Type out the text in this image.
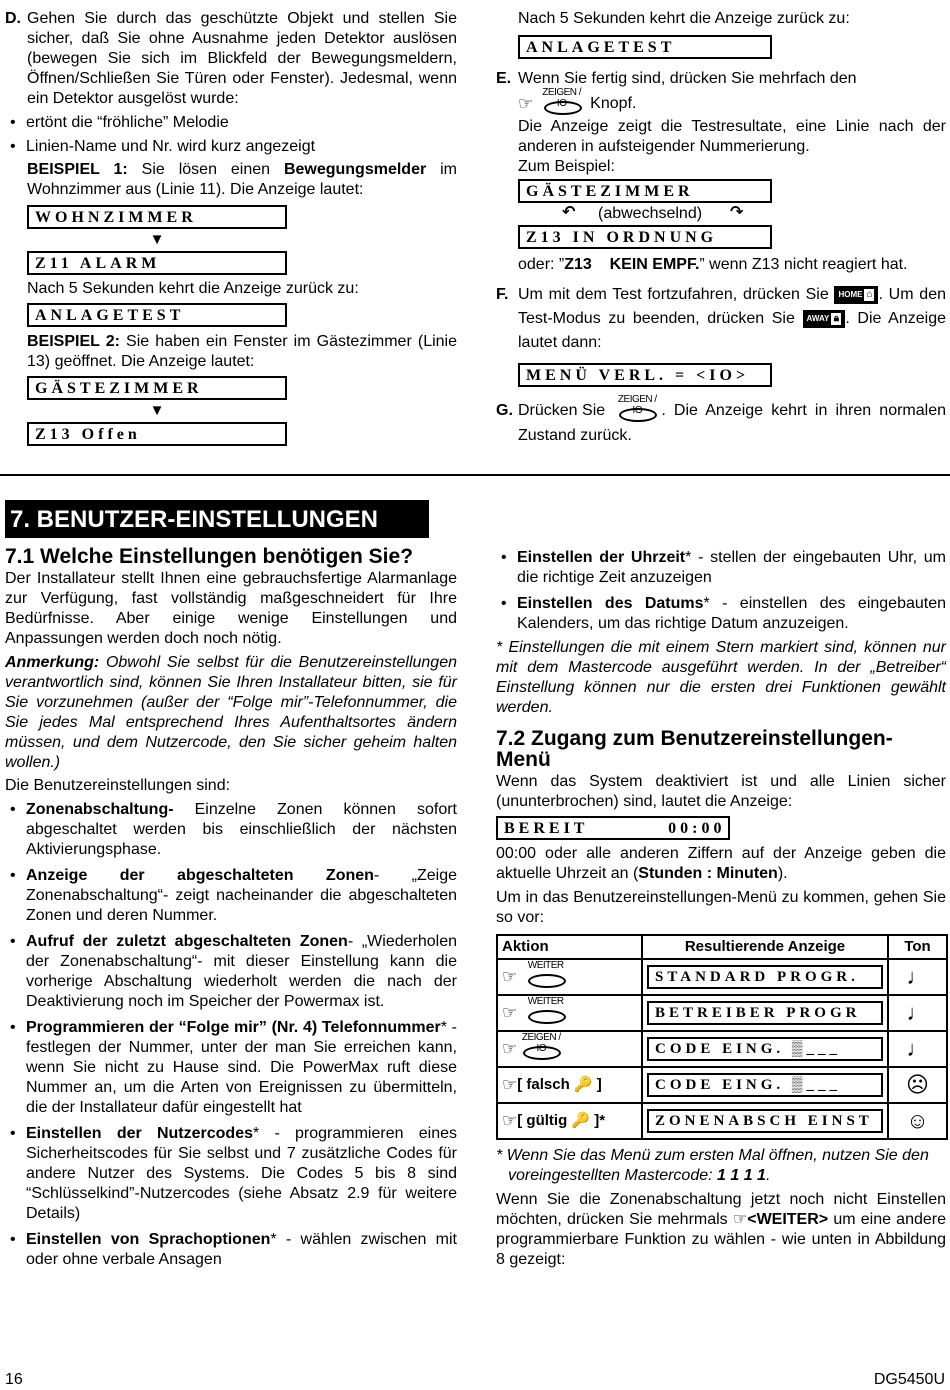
D. Gehen Sie durch das geschützte Objekt und stellen Sie sicher, daß Sie ohne Ausnahme jeden Detektor auslösen (bewegen Sie sich im Blickfeld der Bewegungsmeldern, Öffnen/Schließen Sie Türen oder Fenster). Jedesmal, wenn ein Detektor ausgelöst wurde:
• ertönt die “fröhliche” Melodie
• Linien-Name und Nr. wird kurz angezeigt

BEISPIEL 1: Sie lösen einen Bewegungsmelder im Wohnzimmer aus (Linie 11). Die Anzeige lautet:

WOHNZIMMER
▼
Z11 ALARM

Nach 5 Sekunden kehrt die Anzeige zurück zu:

ANLAGETEST

BEISPIEL 2: Sie haben ein Fenster im Gästezimmer (Linie 13) geöffnet. Die Anzeige lautet:

GÄSTEZIMMER
▼
Z13 Offen

Nach 5 Sekunden kehrt die Anzeige zurück zu:

ANLAGETEST
E. Wenn Sie fertig sind, drücken Sie mehrfach den
☞
ZEIGEN / IO	Knopf.

Die Anzeige zeigt die Testresultate, eine Linie nach der anderen in aufsteigender Nummerierung.

Zum Beispiel:

GÄSTEZIMMER
↶ (abwechselnd) ↷
Z13 IN ORDNUNG

oder: ”Z13    KEIN EMPF.” wenn Z13 nicht reagiert hat.

F. Um mit dem Test fortzufahren, drücken Sie HOME ⌂ . Um den Test-Modus zu beenden, drücken Sie AWAY 🔒︎ . Die Anzeige lautet dann:
MENÜ VERL. = <IO>
G. Drücken Sie
ZEIGEN / IO	. Die Anzeige kehrt in ihren normalen Zustand zurück.
7. BENUTZER-EINSTELLUNGEN
7.1 Welche Einstellungen benötigen Sie?

Der Installateur stellt Ihnen eine gebrauchsfertige Alarmanlage zur Verfügung, fast vollständig maßgeschneidert für Ihre Bedürfnisse. Aber einige wenige Einstellungen und Anpassungen werden doch noch nötig.

Anmerkung: Obwohl Sie selbst für die Benutzereinstellungen verantwortlich sind, können Sie Ihren Installateur bitten, sie für Sie vorzunehmen (außer der “Folge mir”-Telefonnummer, die Sie jedes Mal entsprechend Ihres Aufenthaltsortes ändern müssen, und dem Nutzercode, den Sie sicher geheim halten wollen.)

Die Benutzereinstellungen sind:

• Zonenabschaltung- Einzelne Zonen können sofort abgeschaltet werden bis einschließlich der nächsten Aktivierungsphase.
• Anzeige der abgeschalteten Zonen- „Zeige Zonenabschaltung“- zeigt nacheinander die abgeschalteten Zonen und deren Nummer.
• Aufruf der zuletzt abgeschalteten Zonen- „Wiederholen der Zonenabschaltung“- mit dieser Einstellung kann die vorherige Abschaltung wiederholt werden die nach der Deaktivierung noch im Speicher der Powermax ist.
• Programmieren der “Folge mir” (Nr. 4) Telefonnummer* - festlegen der Nummer, unter der man Sie erreichen kann, wenn Sie nicht zu Hause sind. Die PowerMax ruft diese Nummer an, um die Arten von Ereignissen zu übermitteln, die der Installateur dafür eingestellt hat
• Einstellen der Nutzercodes* - programmieren eines Sicherheitscodes für Sie selbst und 7 zusätzliche Codes für andere Nutzer des Systems. Die Codes 5 bis 8 sind “Schlüsselkind”-Nutzercodes (siehe Absatz 2.9 für weitere Details)
• Einstellen von Sprachoptionen* - wählen zwischen mit oder ohne verbale Ansagen
• Einstellen der Uhrzeit* - stellen der eingebauten Uhr, um die richtige Zeit anzuzeigen
• Einstellen des Datums* - einstellen des eingebauten Kalenders, um das richtige Datum anzuzeigen.

* Einstellungen die mit einem Stern markiert sind, können nur mit dem Mastercode ausgeführt werden. In der „Betreiber“ Einstellung können nur die ersten drei Funktionen gewählt werden.

7.2 Zugang zum Benutzereinstellungen-Menü

Wenn das System deaktiviert ist und alle Linien sicher (ununterbrochen) sind, lautet die Anzeige:

BEREIT          00:00

00:00 oder alle anderen Ziffern auf der Anzeige geben die aktuelle Uhrzeit an (Stunden : Minuten).

Um in das Benutzereinstellungen-Menü zu kommen, gehen Sie so vor:

Aktion	Resultierende Anzeige	Ton
☞
WEITER	STANDARD PROGR.	♩
☞
WEITER	BETREIBER PROGR	♩
☞
ZEIGEN / IO	CODE EING. ▒___	♩
☞[ falsch 🔑 ]	CODE EING. ▒___	☹
☞[ gültig 🔑 ]*	ZONENABSCH EINST	☺

* Wenn Sie das Menü zum ersten Mal öffnen, nutzen Sie den voreingestellten Mastercode: 1 1 1 1.

Wenn Sie die Zonenabschaltung jetzt noch nicht Einstellen möchten, drücken Sie mehrmals ☞<WEITER> um eine andere programmierbare Funktion zu wählen - wie unten in Abbildung 8 gezeigt:

16	DG5450U
